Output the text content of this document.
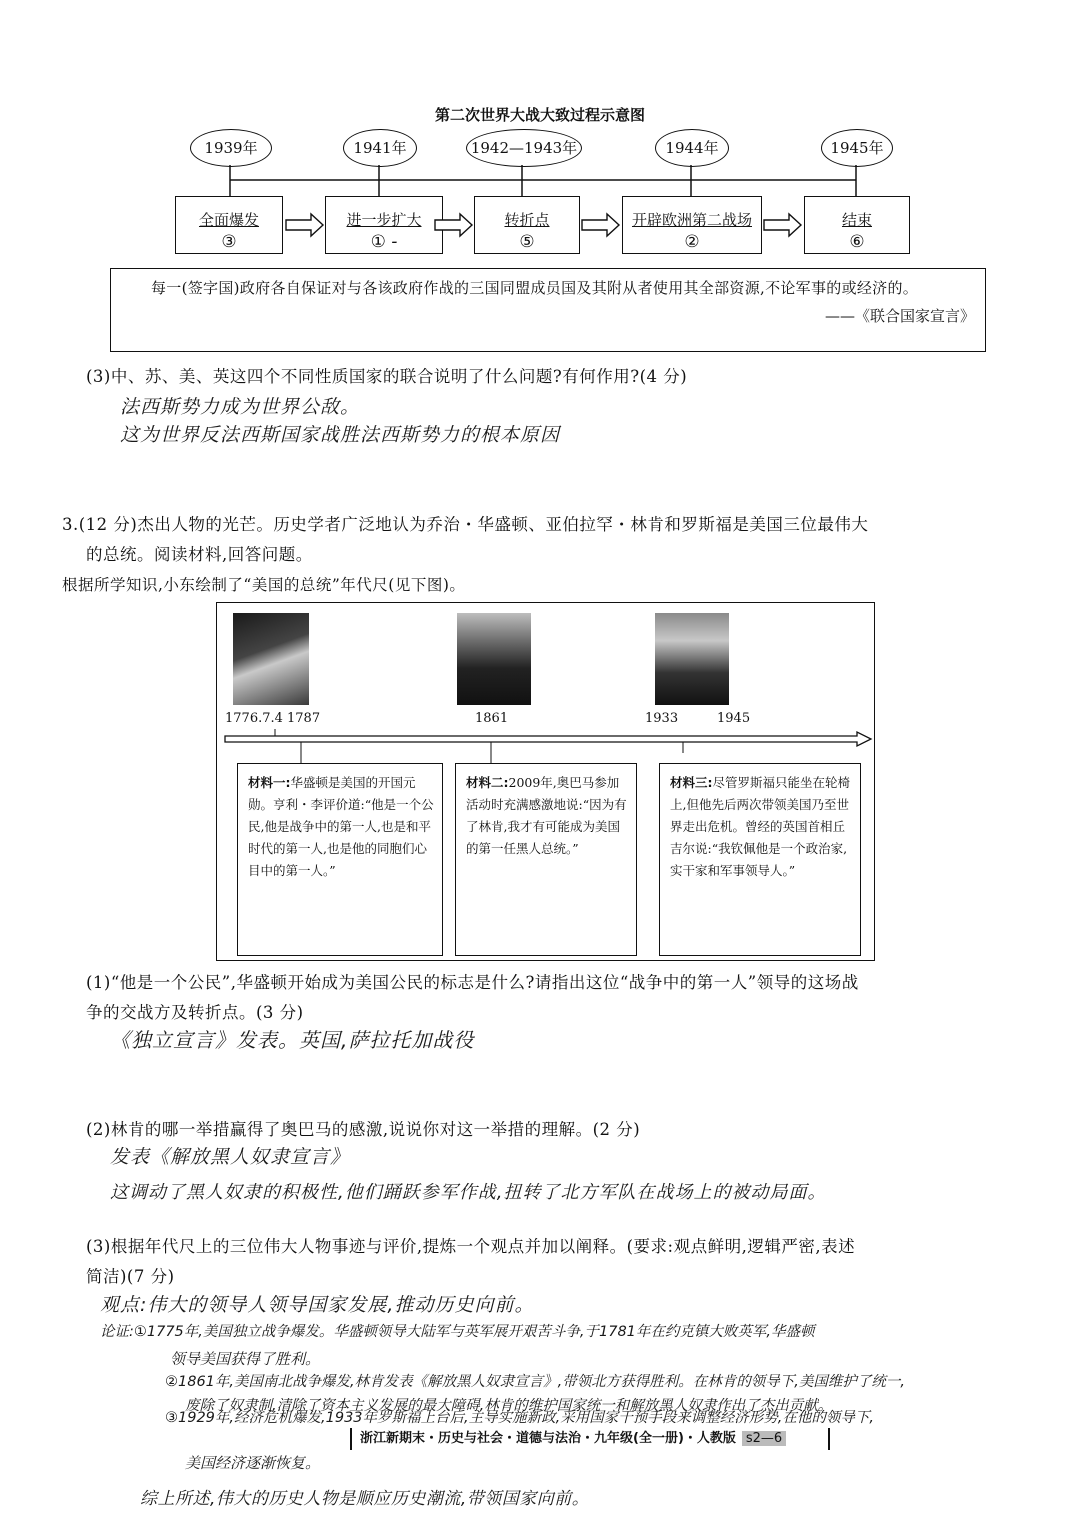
第二次世界大战大致过程示意图
1939年	1941年	1942—1943年	1944年	1945年
全面爆发
③
进一步扩大
① ‑
转折点
⑤
开辟欧洲第二战场
②
结束
⑥
每一(签字国)政府各自保证对与各该政府作战的三国同盟成员国及其附从者使用其全部资源,不论军事的或经济的。
——《联合国家宣言》
(3)中、苏、美、英这四个不同性质国家的联合说明了什么问题?有何作用?(4 分)
法西斯势力成为世界公敌。
这为世界反法西斯国家战胜法西斯势力的根本原因
3.(12 分)杰出人物的光芒。历史学者广泛地认为乔治・华盛顿、亚伯拉罕・林肯和罗斯福是美国三位最伟大
的总统。阅读材料,回答问题。
根据所学知识,小东绘制了“美国的总统”年代尺(见下图)。
1776.7.4 1787	1861	1933	1945
材料一:华盛顿是美国的开国元勋。亨利・李评价道:“他是一个公民,他是战争中的第一人,也是和平时代的第一人,也是他的同胞们心目中的第一人。”
材料二:2009年,奥巴马参加活动时充满感激地说:“因为有了林肯,我才有可能成为美国的第一任黑人总统。”
材料三:尽管罗斯福只能坐在轮椅上,但他先后两次带领美国乃至世界走出危机。曾经的英国首相丘吉尔说:“我钦佩他是一个政治家,实干家和军事领导人。”
(1)“他是一个公民”,华盛顿开始成为美国公民的标志是什么?请指出这位“战争中的第一人”领导的这场战
争的交战方及转折点。(3 分)
《独立宣言》发表。英国,萨拉托加战役
(2)林肯的哪一举措赢得了奥巴马的感激,说说你对这一举措的理解。(2 分)
发表《解放黑人奴隶宣言》
这调动了黑人奴隶的积极性,他们踊跃参军作战,扭转了北方军队在战场上的被动局面。
(3)根据年代尺上的三位伟大人物事迹与评价,提炼一个观点并加以阐释。(要求:观点鲜明,逻辑严密,表述
简洁)(7 分)
观点:伟大的领导人领导国家发展,推动历史向前。
论证:①1775年,美国独立战争爆发。华盛顿领导大陆军与英军展开艰苦斗争,于1781年在约克镇大败英军,华盛顿
领导美国获得了胜利。
②1861年,美国南北战争爆发,林肯发表《解放黑人奴隶宣言》,带领北方获得胜利。在林肯的领导下,美国维护了统一,
废除了奴隶制,清除了资本主义发展的最大障碍,林肯的维护国家统一和解放黑人奴隶作出了杰出贡献。
③1929年,经济危机爆发,1933年罗斯福上台后,主导实施新政,采用国家干预手段来调整经济形势,在他的领导下,
浙江新期末・历史与社会・道德与法治・九年级(全一册)・人教版 s2—6
美国经济逐渐恢复。
综上所述,伟大的历史人物是顺应历史潮流,带领国家向前。
